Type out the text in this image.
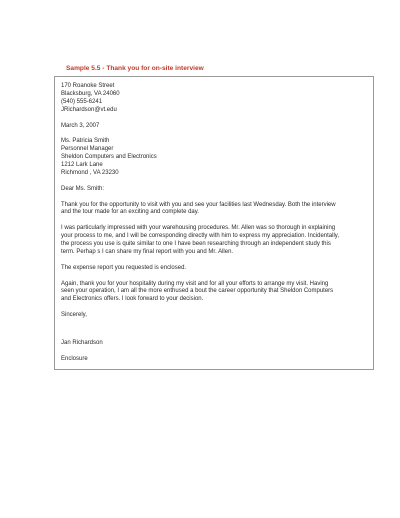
Sample 5.5 - Thank you for on-site interview
170 Roanoke Street
Blacksburg, VA 24060
(540) 555-6241
JRichardson@vt.edu
March 3, 2007
Ms. Patricia Smith
Personnel Manager
Sheldon Computers and Electronics
1212 Lark Lane
Richmond , VA 23230
Dear Ms. Smith:
Thank you for the opportunity to visit with you and see your facilities last Wednesday. Both the interview
and the tour made for an exciting and complete day.
I was particularly impressed with your warehousing procedures. Mr. Allen was so thorough in explaining
your process to me, and I will be corresponding directly with him to express my appreciation. Incidentally,
the process you use is quite similar to one I have been researching through an independent study this
term. Perhap s I can share my final report with you and Mr. Allen.
The expense report you requested is enclosed.
Again, thank you for your hospitality during my visit and for all your efforts to arrange my visit. Having
seen your operation, I am all the more enthused a bout the career opportunity that Sheldon Computers
and Electronics offers. I look forward to your decision.
Sincerely,
Jan Richardson
Enclosure
